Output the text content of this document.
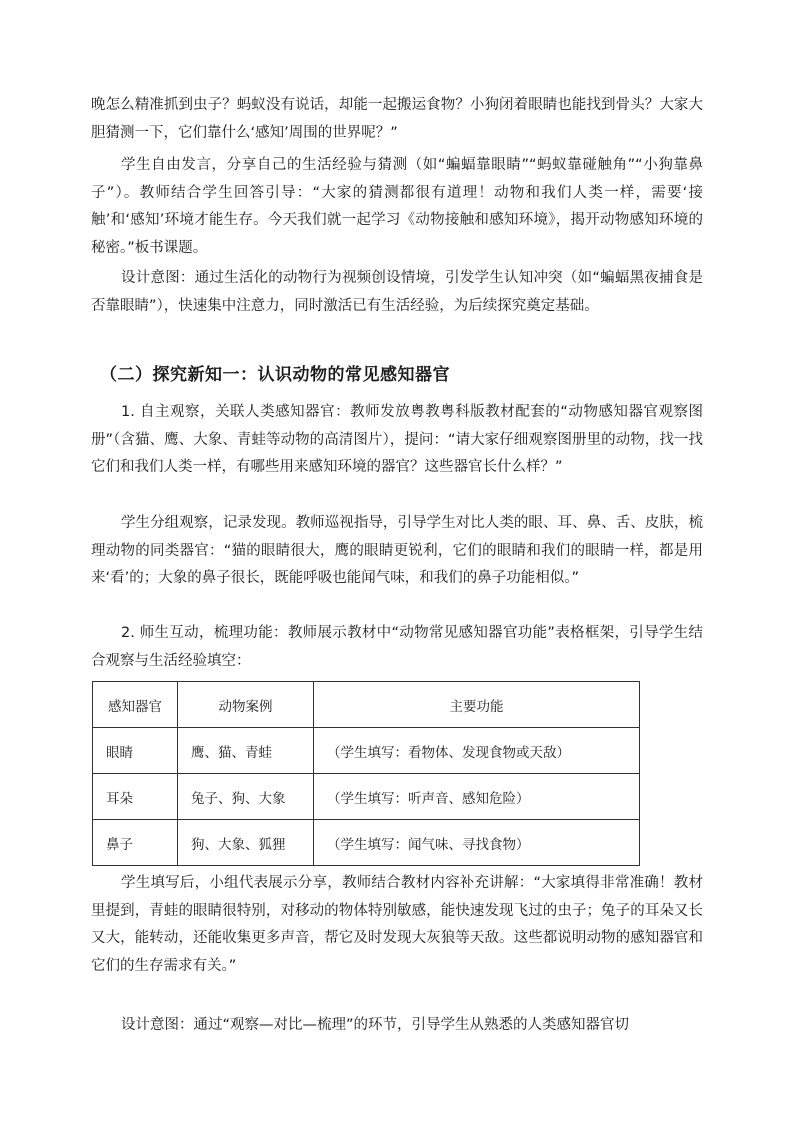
晚怎么精准抓到虫子？蚂蚁没有说话，却能一起搬运食物？小狗闭着眼睛也能找到骨头？大家大胆猜测一下，它们靠什么‘感知’周围的世界呢？”

学生自由发言，分享自己的生活经验与猜测（如“蝙蝠靠眼睛”“蚂蚁靠碰触角”“小狗靠鼻子”）。教师结合学生回答引导：“大家的猜测都很有道理！动物和我们人类一样，需要‘接触’和‘感知’环境才能生存。今天我们就一起学习《动物接触和感知环境》，揭开动物感知环境的秘密。”板书课题。

设计意图：通过生活化的动物行为视频创设情境，引发学生认知冲突（如“蝙蝠黑夜捕食是否靠眼睛”），快速集中注意力，同时激活已有生活经验，为后续探究奠定基础。

（二）探究新知一：认识动物的常见感知器官

1. 自主观察，关联人类感知器官：教师发放粤教粤科版教材配套的“动物感知器官观察图册”（含猫、鹰、大象、青蛙等动物的高清图片），提问：“请大家仔细观察图册里的动物，找一找它们和我们人类一样，有哪些用来感知环境的器官？这些器官长什么样？”

学生分组观察，记录发现。教师巡视指导，引导学生对比人类的眼、耳、鼻、舌、皮肤，梳理动物的同类器官：“猫的眼睛很大，鹰的眼睛更锐利，它们的眼睛和我们的眼睛一样，都是用来‘看’的；大象的鼻子很长，既能呼吸也能闻气味，和我们的鼻子功能相似。”

2. 师生互动，梳理功能：教师展示教材中“动物常见感知器官功能”表格框架，引导学生结合观察与生活经验填空：

感知器官	动物案例	主要功能
眼睛	鹰、猫、青蛙	（学生填写：看物体、发现食物或天敌）
耳朵	兔子、狗、大象	（学生填写：听声音、感知危险）
鼻子	狗、大象、狐狸	（学生填写：闻气味、寻找食物）

学生填写后，小组代表展示分享，教师结合教材内容补充讲解：“大家填得非常准确！教材里提到，青蛙的眼睛很特别，对移动的物体特别敏感，能快速发现飞过的虫子；兔子的耳朵又长又大，能转动，还能收集更多声音，帮它及时发现大灰狼等天敌。这些都说明动物的感知器官和它们的生存需求有关。”

设计意图：通过“观察—对比—梳理”的环节，引导学生从熟悉的人类感知器官切
